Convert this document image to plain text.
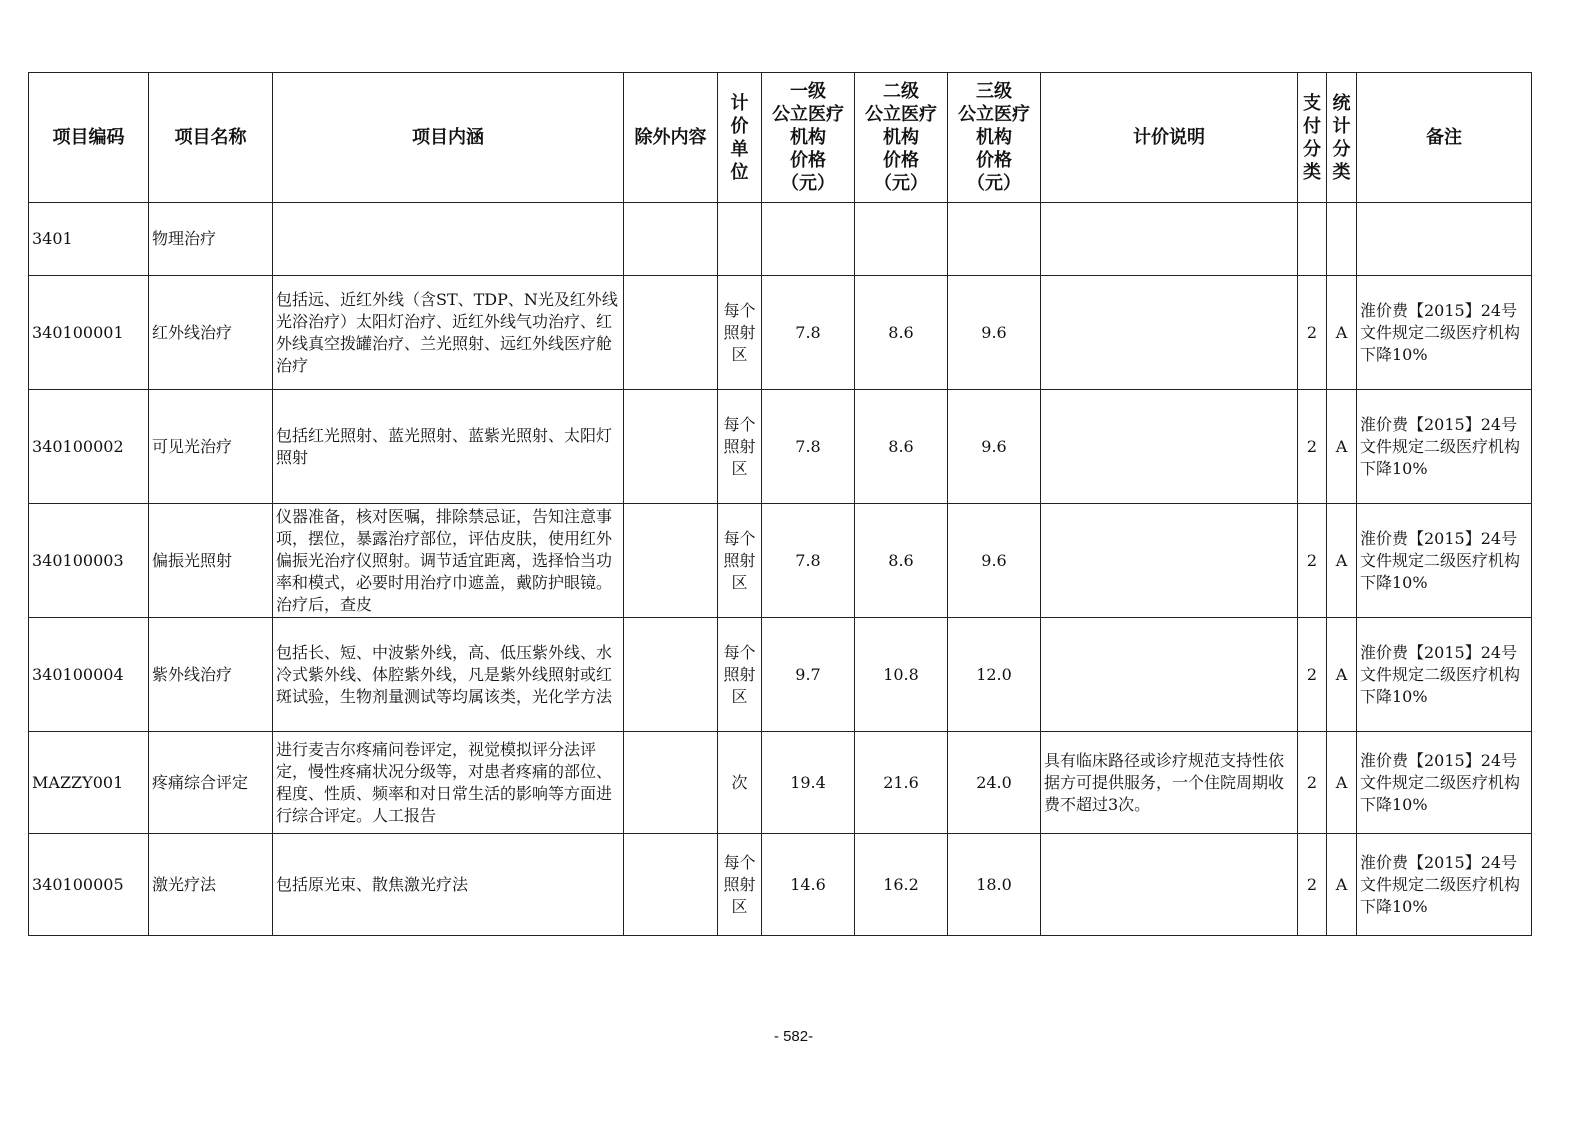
项目编码	项目名称	项目内涵	除外内容	计
价
单
位	一级
公立医疗
机构
价格
（元）	二级
公立医疗
机构
价格
（元）	三级
公立医疗
机构
价格
（元）	计价说明	支
付
分
类	统
计
分
类	备注
3401	物理治疗										
340100001	红外线治疗	包括远、近红外线（含ST、TDP、N光及红外线光浴治疗）太阳灯治疗、近红外线气功治疗、红外线真空拨罐治疗、兰光照射、远红外线医疗舱治疗		每个照射区	7.8	8.6	9.6		2	A	淮价费【2015】24号文件规定二级医疗机构下降10%
340100002	可见光治疗	包括红光照射、蓝光照射、蓝紫光照射、太阳灯照射		每个照射区	7.8	8.6	9.6		2	A	淮价费【2015】24号文件规定二级医疗机构下降10%
340100003	偏振光照射	仪器准备，核对医嘱，排除禁忌证，告知注意事项，摆位，暴露治疗部位，评估皮肤，使用红外偏振光治疗仪照射。调节适宜距离，选择恰当功率和模式，必要时用治疗巾遮盖，戴防护眼镜。治疗后，查皮		每个照射区	7.8	8.6	9.6		2	A	淮价费【2015】24号文件规定二级医疗机构下降10%
340100004	紫外线治疗	包括长、短、中波紫外线，高、低压紫外线、水冷式紫外线、体腔紫外线，凡是紫外线照射或红斑试验，生物剂量测试等均属该类，光化学方法		每个照射区	9.7	10.8	12.0		2	A	淮价费【2015】24号文件规定二级医疗机构下降10%
MAZZY001	疼痛综合评定	进行麦吉尔疼痛问卷评定，视觉模拟评分法评定，慢性疼痛状况分级等，对患者疼痛的部位、程度、性质、频率和对日常生活的影响等方面进行综合评定。人工报告		次	19.4	21.6	24.0	具有临床路径或诊疗规范支持性依据方可提供服务，一个住院周期收费不超过3次。	2	A	淮价费【2015】24号文件规定二级医疗机构下降10%
340100005	激光疗法	包括原光束、散焦激光疗法		每个照射区	14.6	16.2	18.0		2	A	淮价费【2015】24号文件规定二级医疗机构下降10%
- 582-
